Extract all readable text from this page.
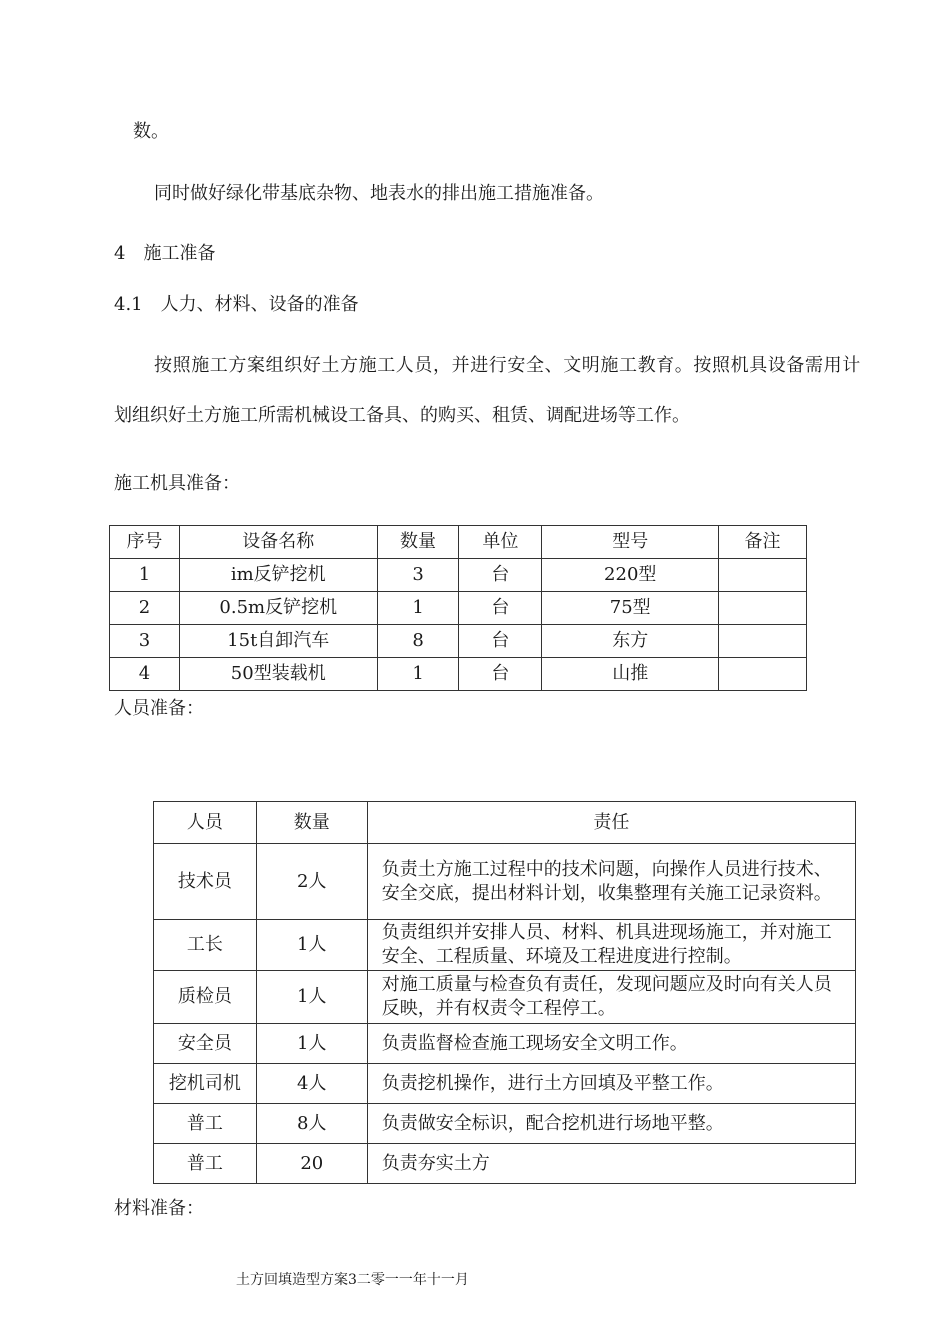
数。
同时做好绿化带基底杂物、地表水的排出施工措施准备。
4　施工准备
4.1　人力、材料、设备的准备
按照施工方案组织好土方施工人员，并进行安全、文明施工教育。按照机具设备需用计
划组织好土方施工所需机械设工备具、的购买、租赁、调配进场等工作。
施工机具准备：
序号	设备名称	数量	单位	型号	备注
1	im反铲挖机	3	台	220型	
2	0.5m反铲挖机	1	台	75型	
3	15t自卸汽车	8	台	东方	
4	50型装载机	1	台	山推	
人员准备：
人员	数量	责任
技术员	2人	负责土方施工过程中的技术问题，向操作人员进行技术、安全交底，提出材料计划，收集整理有关施工记录资料。
工长	1人	负责组织并安排人员、材料、机具进现场施工，并对施工安全、工程质量、环境及工程进度进行控制。
质检员	1人	对施工质量与检查负有责任，发现问题应及时向有关人员反映，并有权责令工程停工。
安全员	1人	负责监督检查施工现场安全文明工作。
挖机司机	4人	负责挖机操作，进行土方回填及平整工作。
普工	8人	负责做安全标识，配合挖机进行场地平整。
普工	20	负责夯实土方
材料准备：
土方回填造型方案3二零一一年十一月
